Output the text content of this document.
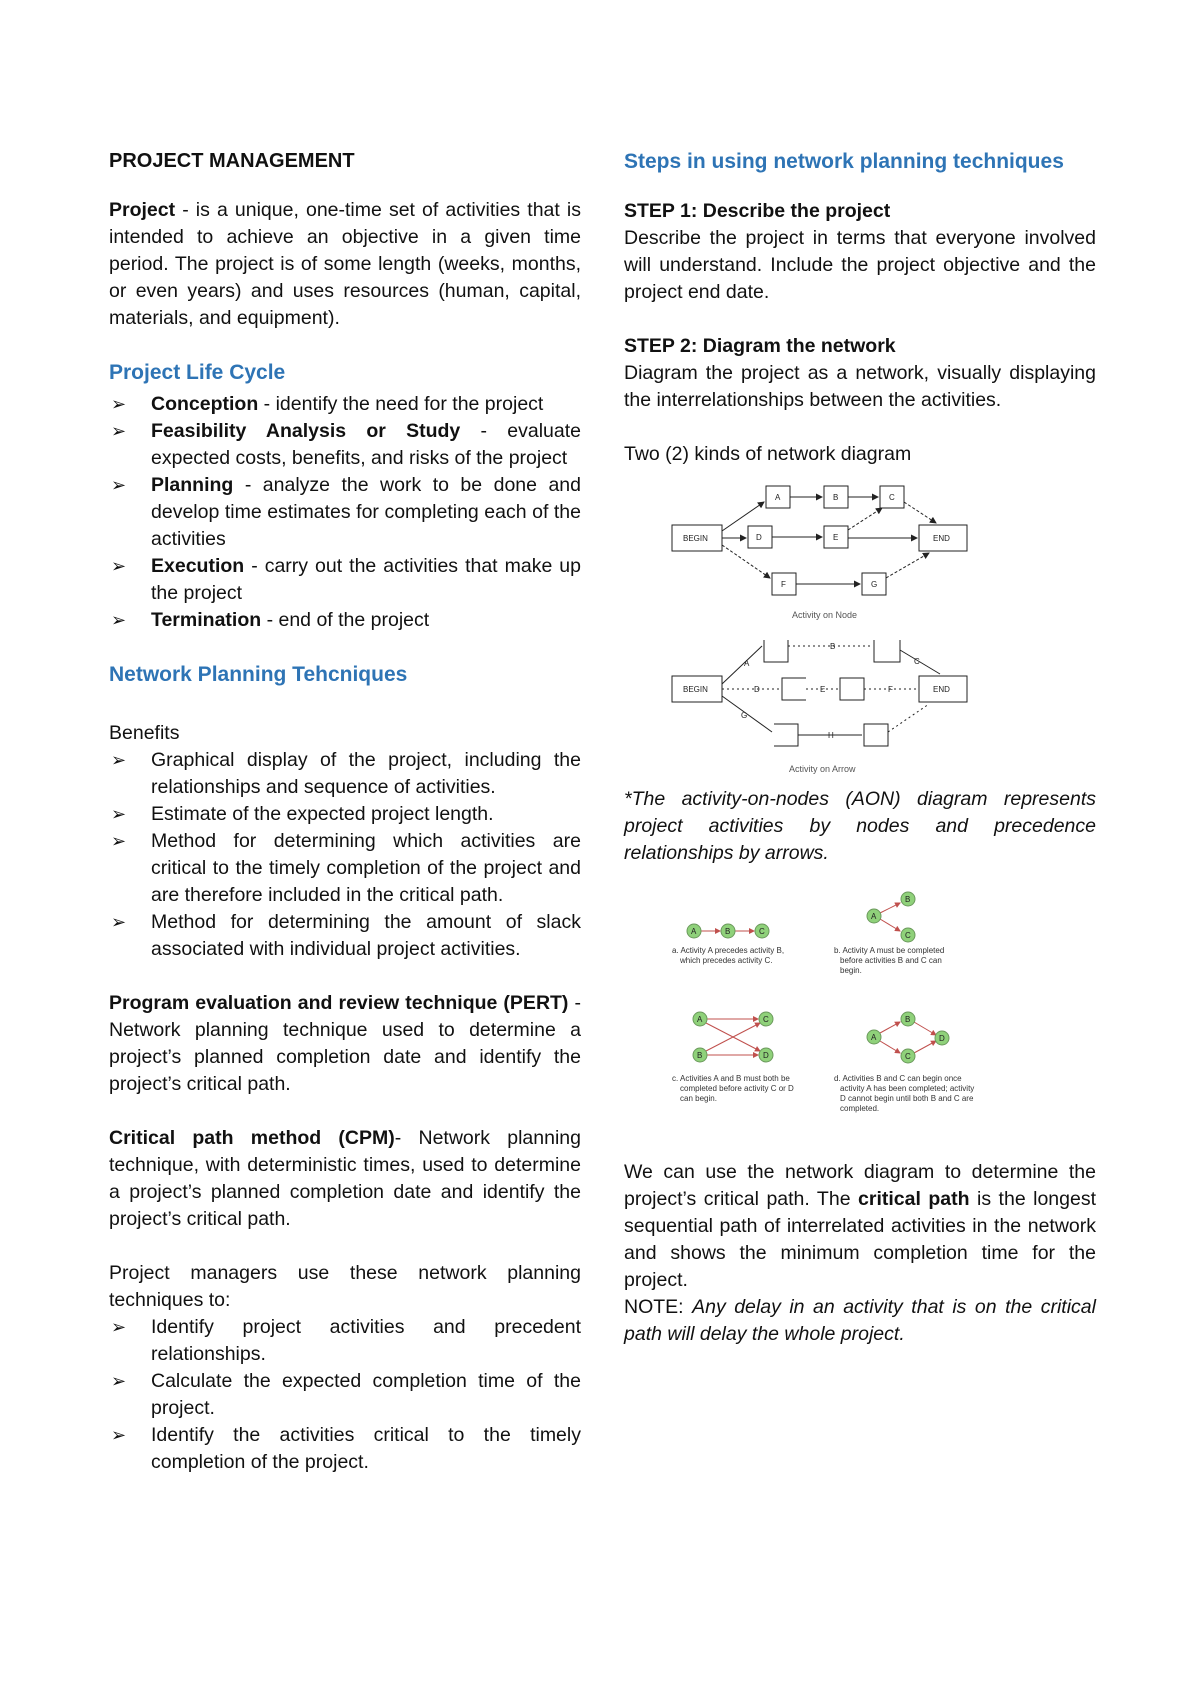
PROJECT MANAGEMENT

Project - is a unique, one-time set of activities that is intended to achieve an objective in a given time period. The project is of some length (weeks, months, or even years) and uses resources (human, capital, materials, and equipment).

Project Life Cycle
➢ Conception - identify the need for the project
➢ Feasibility Analysis or Study - evaluate expected costs, benefits, and risks of the project
➢ Planning - analyze the work to be done and develop time estimates for completing each of the activities
➢ Execution - carry out the activities that make up the project
➢ Termination - end of the project
Network Planning Tehcniques

Benefits

➢ Graphical display of the project, including the relationships and sequence of activities.
➢ Estimate of the expected project length.
➢ Method for determining which activities are critical to the timely completion of the project and are therefore included in the critical path.
➢ Method for determining the amount of slack associated with individual project activities.

Program evaluation and review technique (PERT) - Network planning technique used to determine a project’s planned completion date and identify the project’s critical path.

Critical path method (CPM)- Network planning technique, with deterministic times, used to determine a project’s planned completion date and identify the project’s critical path.

Project managers use these network planning techniques to:

➢ Identify project activities and precedent relationships.
➢ Calculate the expected completion time of the project.
➢ Identify the activities critical to the timely completion of the project.
Steps in using network planning techniques

STEP 1: Describe the project

Describe the project in terms that everyone involved will understand. Include the project objective and the project end date.

STEP 2: Diagram the network

Diagram the project as a network, visually displaying the interrelationships between the activities.

Two (2) kinds of network diagram

A	B	C
BEGIN	D	E	END
F	G
Activity on Node
A
B
C
BEGIN	D	E	F	END
G
H
Activity on Arrow

*The activity-on-nodes (AON) diagram represents project activities by nodes and precedence relationships by arrows.

A	B	C
a. Activity A precedes activity B,
which precedes activity C.
A
B
C
b. Activity A must be completed
before activities B and C can
begin.
A
B
C
D
c. Activities A and B must both be
completed before activity C or D
can begin.
A
B
C
D
d. Activities B and C can begin once
activity A has been completed; activity
D cannot begin until both B and C are
completed.

We can use the network diagram to determine the project’s critical path. The critical path is the longest sequential path of interrelated activities in the network and shows the minimum completion time for the project.

NOTE: Any delay in an activity that is on the critical path will delay the whole project.
